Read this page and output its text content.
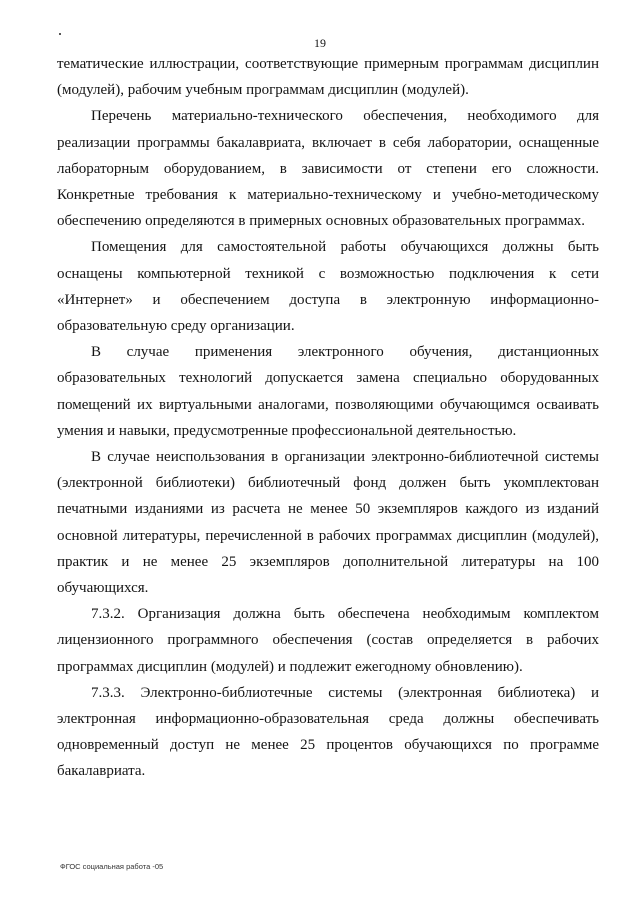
19

тематические иллюстрации, соответствующие примерным программам дисциплин (модулей), рабочим учебным программам дисциплин (модулей).

Перечень материально-технического обеспечения, необходимого для реализации программы бакалавриата, включает в себя лаборатории, оснащенные лабораторным оборудованием, в зависимости от степени его сложности. Конкретные требования к материально-техническому и учебно-методическому обеспечению определяются в примерных основных образовательных программах.

Помещения для самостоятельной работы обучающихся должны быть оснащены компьютерной техникой с возможностью подключения к сети «Интернет» и обеспечением доступа в электронную информационно-образовательную среду организации.

В случае применения электронного обучения, дистанционных образовательных технологий допускается замена специально оборудованных помещений их виртуальными аналогами, позволяющими обучающимся осваивать умения и навыки, предусмотренные профессиональной деятельностью.

В случае неиспользования в организации электронно-библиотечной системы (электронной библиотеки) библиотечный фонд должен быть укомплектован печатными изданиями из расчета не менее 50 экземпляров каждого из изданий основной литературы, перечисленной в рабочих программах дисциплин (модулей), практик и не менее 25 экземпляров дополнительной литературы на 100 обучающихся.

7.3.2. Организация должна быть обеспечена необходимым комплектом лицензионного программного обеспечения (состав определяется в рабочих программах дисциплин (модулей) и подлежит ежегодному обновлению).

7.3.3. Электронно-библиотечные системы (электронная библиотека) и электронная информационно-образовательная среда должны обеспечивать одновременный доступ не менее 25 процентов обучающихся по программе бакалавриата.

ФГОС социальная работа -05
